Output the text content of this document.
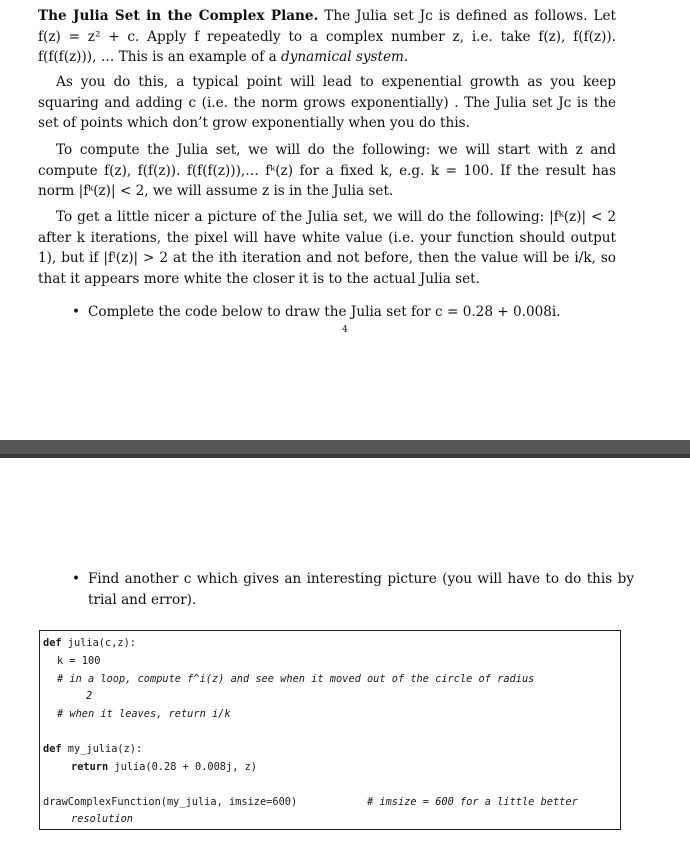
The Julia Set in the Complex Plane. The Julia set Jᴄ is defined as follows. Let f(z) = z² + c. Apply f repeatedly to a complex number z, i.e. take f(z), f(f(z)). f(f(f(z))), … This is an example of a dynamical system.
As you do this, a typical point will lead to expenential growth as you keep squaring and adding c (i.e. the norm grows exponentially) . The Julia set Jᴄ is the set of points which don’t grow exponentially when you do this.
To compute the Julia set, we will do the following: we will start with z and compute f(z), f(f(z)). f(f(f(z))),… fᵏ(z) for a fixed k, e.g. k = 100. If the result has norm |fᵏ(z)| < 2, we will assume z is in the Julia set.
To get a little nicer a picture of the Julia set, we will do the following: |fᵏ(z)| < 2 after k iterations, the pixel will have white value (i.e. your function should output 1), but if |fⁱ(z)| > 2 at the ith iteration and not before, then the value will be i/k, so that it appears more white the closer it is to the actual Julia set.
• Complete the code below to draw the Julia set for c = 0.28 + 0.008i.
4
• Find another c which gives an interesting picture (you will have to do this by trial and error).
def julia(c,z):
k = 100
# in a loop, compute f^i(z) and see when it moved out of the circle of radius
2
# when it leaves, return i/k
def my_julia(z):
return julia(0.28 + 0.008j, z)
drawComplexFunction(my_julia, imsize=600)	# imsize = 600 for a little better
resolution
